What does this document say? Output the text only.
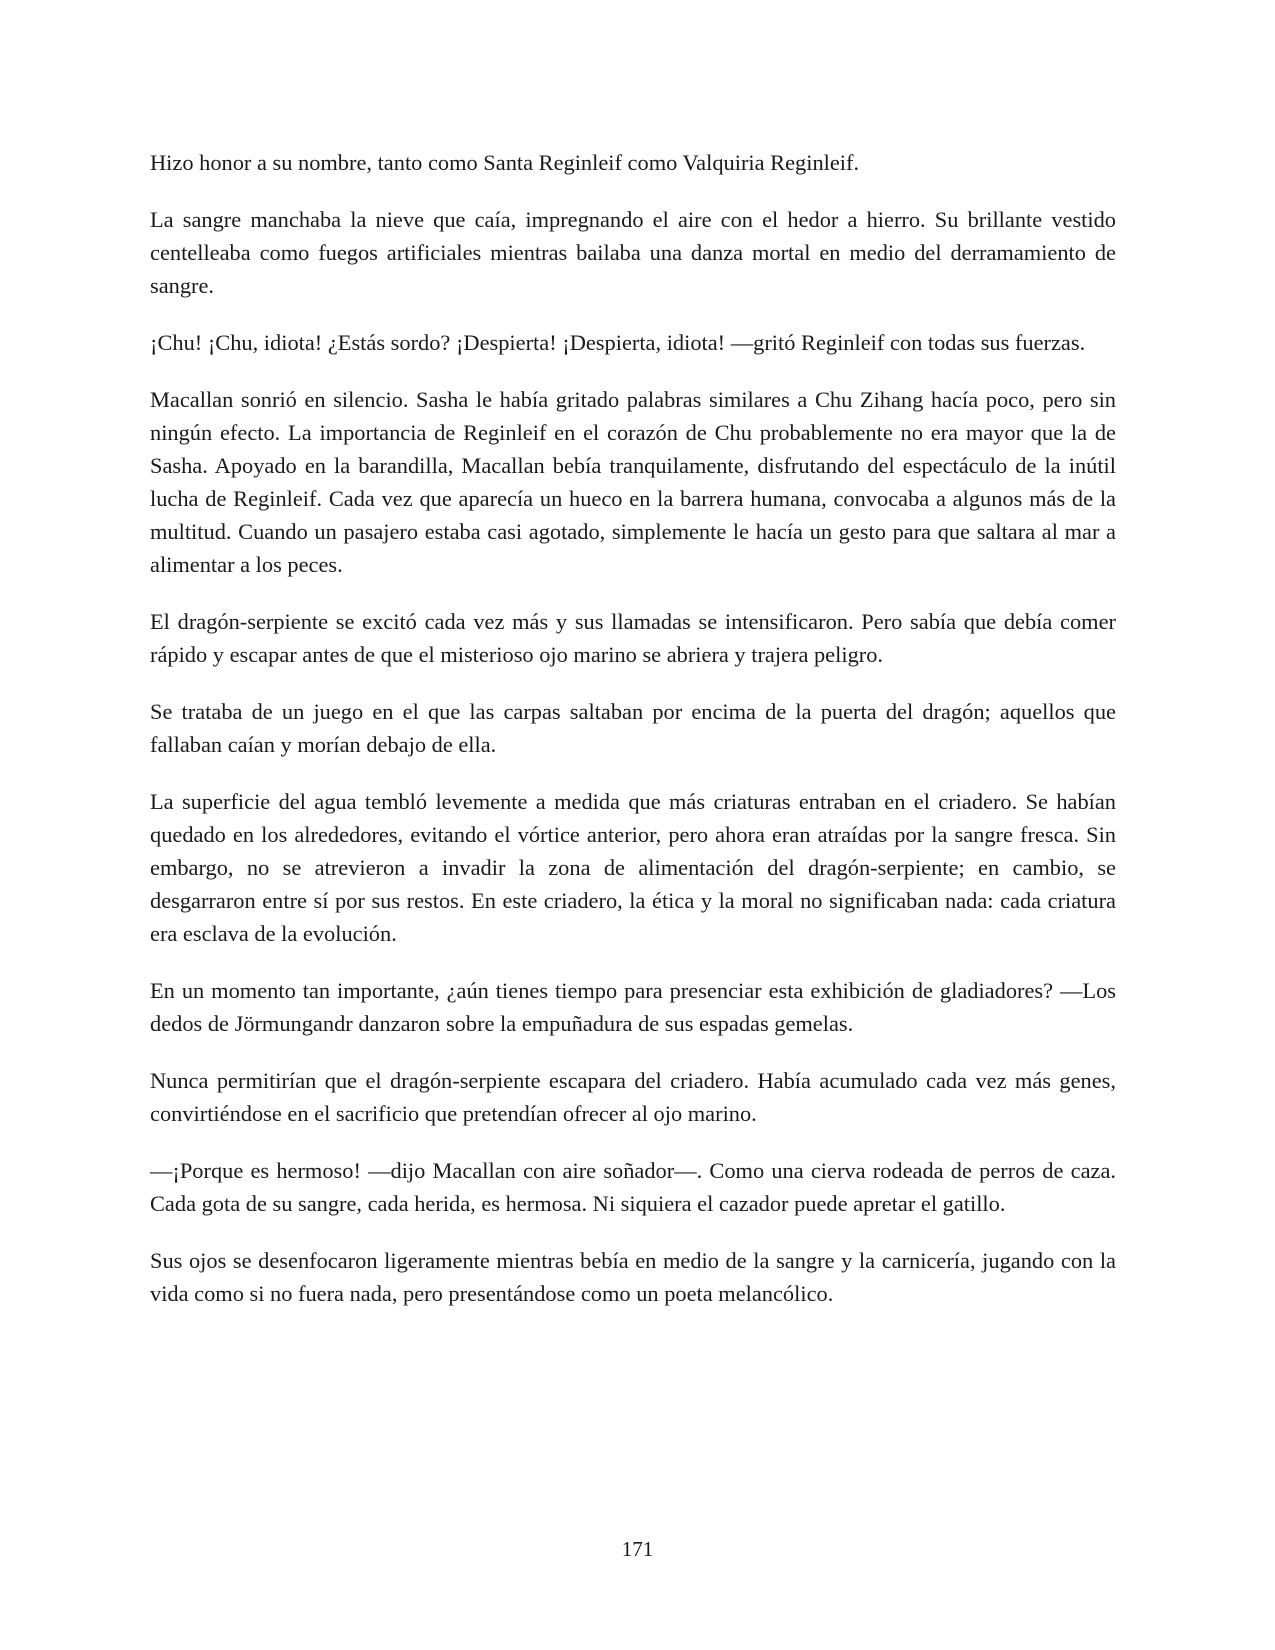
Hizo honor a su nombre, tanto como Santa Reginleif como Valquiria Reginleif.

La sangre manchaba la nieve que caía, impregnando el aire con el hedor a hierro. Su brillante vestido centelleaba como fuegos artificiales mientras bailaba una danza mortal en medio del derramamiento de sangre.

¡Chu! ¡Chu, idiota! ¿Estás sordo? ¡Despierta! ¡Despierta, idiota! —gritó Reginleif con todas sus fuerzas.

Macallan sonrió en silencio. Sasha le había gritado palabras similares a Chu Zihang hacía poco, pero sin ningún efecto. La importancia de Reginleif en el corazón de Chu probablemente no era mayor que la de Sasha. Apoyado en la barandilla, Macallan bebía tranquilamente, disfrutando del espectáculo de la inútil lucha de Reginleif. Cada vez que aparecía un hueco en la barrera humana, convocaba a algunos más de la multitud. Cuando un pasajero estaba casi agotado, simplemente le hacía un gesto para que saltara al mar a alimentar a los peces.

El dragón-serpiente se excitó cada vez más y sus llamadas se intensificaron. Pero sabía que debía comer rápido y escapar antes de que el misterioso ojo marino se abriera y trajera peligro.

Se trataba de un juego en el que las carpas saltaban por encima de la puerta del dragón; aquellos que fallaban caían y morían debajo de ella.

La superficie del agua tembló levemente a medida que más criaturas entraban en el criadero. Se habían quedado en los alrededores, evitando el vórtice anterior, pero ahora eran atraídas por la sangre fresca. Sin embargo, no se atrevieron a invadir la zona de alimentación del dragón-serpiente; en cambio, se desgarraron entre sí por sus restos. En este criadero, la ética y la moral no significaban nada: cada criatura era esclava de la evolución.

En un momento tan importante, ¿aún tienes tiempo para presenciar esta exhibición de gladiadores? —Los dedos de Jörmungandr danzaron sobre la empuñadura de sus espadas gemelas.

Nunca permitirían que el dragón-serpiente escapara del criadero. Había acumulado cada vez más genes, convirtiéndose en el sacrificio que pretendían ofrecer al ojo marino.

—¡Porque es hermoso! —dijo Macallan con aire soñador—. Como una cierva rodeada de perros de caza. Cada gota de su sangre, cada herida, es hermosa. Ni siquiera el cazador puede apretar el gatillo.

Sus ojos se desenfocaron ligeramente mientras bebía en medio de la sangre y la carnicería, jugando con la vida como si no fuera nada, pero presentándose como un poeta melancólico.

171
